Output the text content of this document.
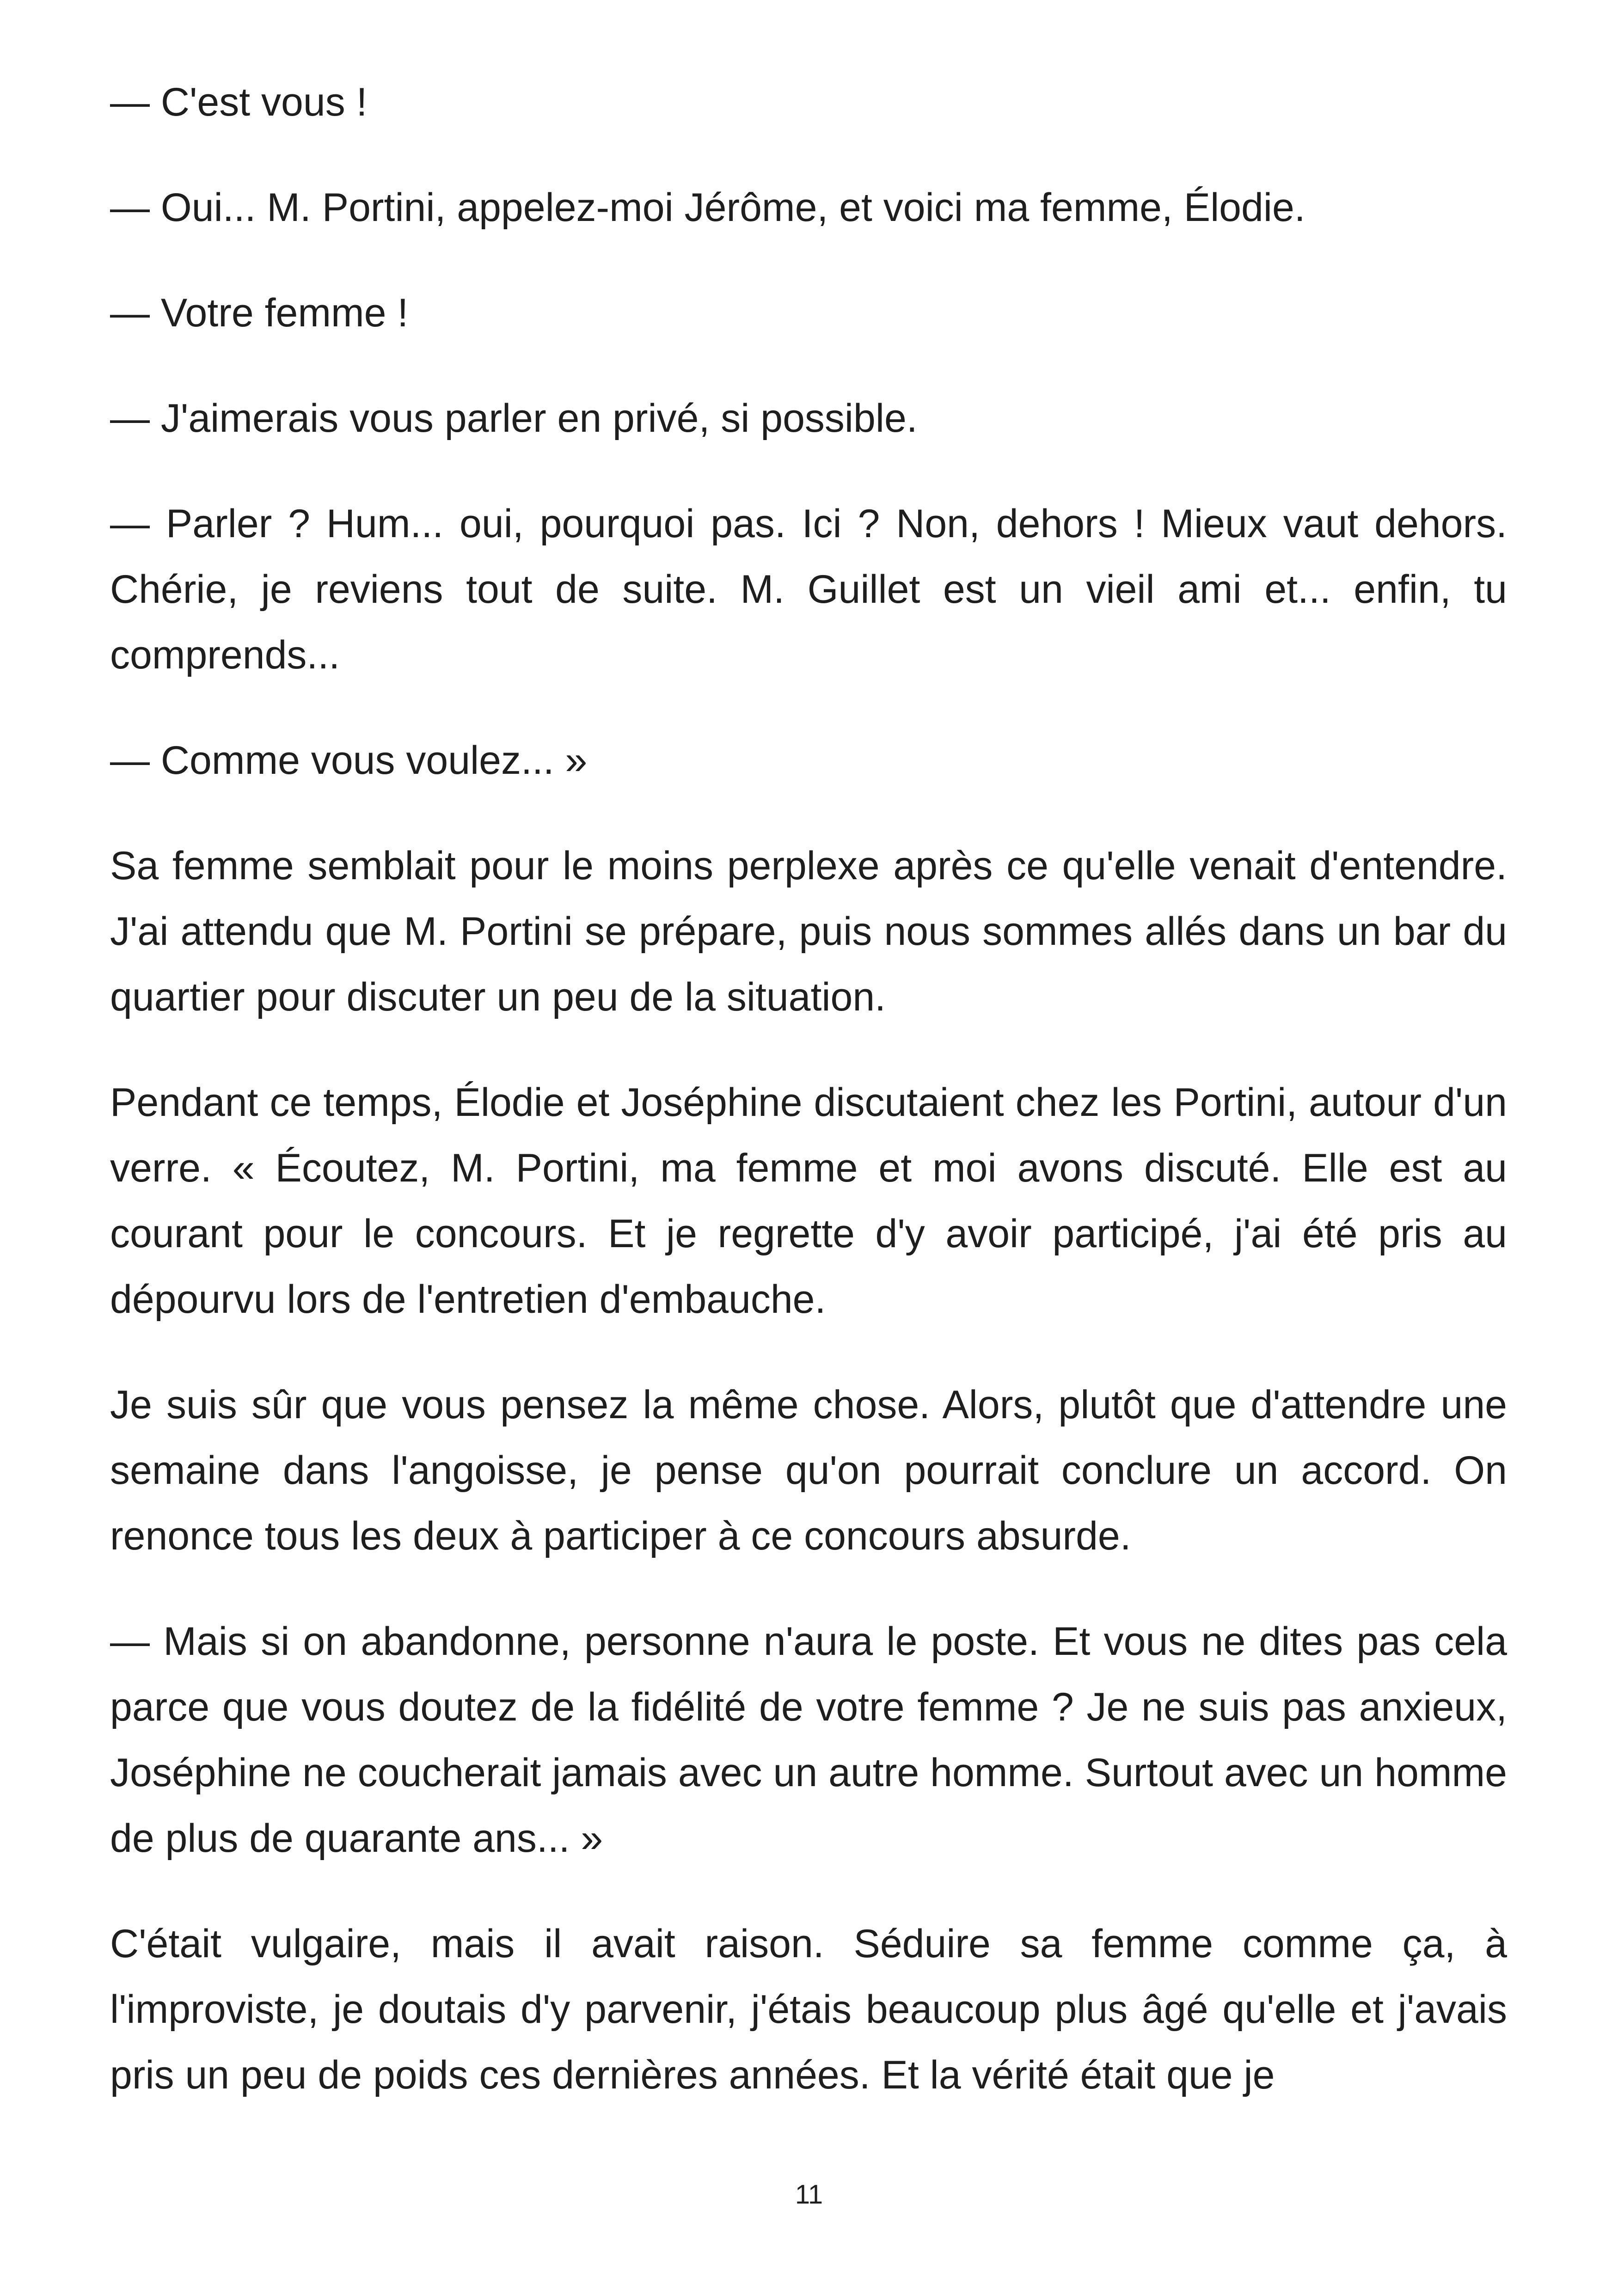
— C'est vous !

— Oui... M. Portini, appelez-moi Jérôme, et voici ma femme, Élodie.

— Votre femme !

— J'aimerais vous parler en privé, si possible.

— Parler ? Hum... oui, pourquoi pas. Ici ? Non, dehors ! Mieux vaut dehors. Chérie, je reviens tout de suite. M. Guillet est un vieil ami et... enfin, tu comprends...

— Comme vous voulez... »

Sa femme semblait pour le moins perplexe après ce qu'elle venait d'entendre. J'ai attendu que M. Portini se prépare, puis nous sommes allés dans un bar du quartier pour discuter un peu de la situation.

Pendant ce temps, Élodie et Joséphine discutaient chez les Portini, autour d'un verre. « Écoutez, M. Portini, ma femme et moi avons discuté. Elle est au courant pour le concours. Et je regrette d'y avoir participé, j'ai été pris au dépourvu lors de l'entretien d'embauche.

Je suis sûr que vous pensez la même chose. Alors, plutôt que d'attendre une semaine dans l'angoisse, je pense qu'on pourrait conclure un accord. On renonce tous les deux à participer à ce concours absurde.

— Mais si on abandonne, personne n'aura le poste. Et vous ne dites pas cela parce que vous doutez de la fidélité de votre femme ? Je ne suis pas anxieux, Joséphine ne coucherait jamais avec un autre homme. Surtout avec un homme de plus de quarante ans... »

C'était vulgaire, mais il avait raison. Séduire sa femme comme ça, à l'improviste, je doutais d'y parvenir, j'étais beaucoup plus âgé qu'elle et j'avais pris un peu de poids ces dernières années. Et la vérité était que je

11
